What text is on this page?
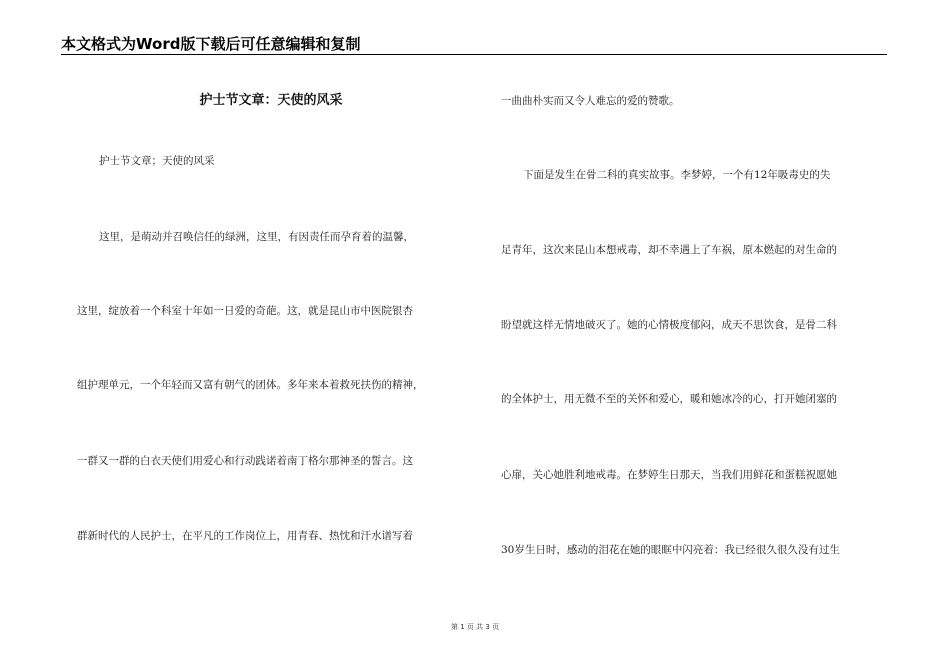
本文格式为Word版下载后可任意编辑和复制
护士节文章：天使的风采
护士节文章；天使的风采
这里，是萌动并召唤信任的绿洲，这里，有因责任而孕育着的温馨，
这里，绽放着一个科室十年如一日爱的奇葩。这，就是昆山市中医院银杏
组护理单元，一个年轻而又富有朝气的团体。多年来本着救死扶伤的精神，
一群又一群的白衣天使们用爱心和行动践诺着南丁格尔那神圣的誓言。这
群新时代的人民护士，在平凡的工作岗位上，用青春、热忱和汗水谱写着
一曲曲朴实而又令人难忘的爱的赞歌。
下面是发生在骨二科的真实故事。李梦婷，一个有12年吸毒史的失
足青年，这次来昆山本想戒毒，却不幸遇上了车祸，原本燃起的对生命的
盼望就这样无情地破灭了。她的心情极度郁闷，成天不思饮食，是骨二科
的全体护士，用无微不至的关怀和爱心，暖和她冰冷的心，打开她闭塞的
心扉，关心她胜利地戒毒。在梦婷生日那天，当我们用鲜花和蛋糕祝愿她
30岁生日时，感动的泪花在她的眼眶中闪亮着：我已经很久很久没有过生
第 1 页 共 3 页
